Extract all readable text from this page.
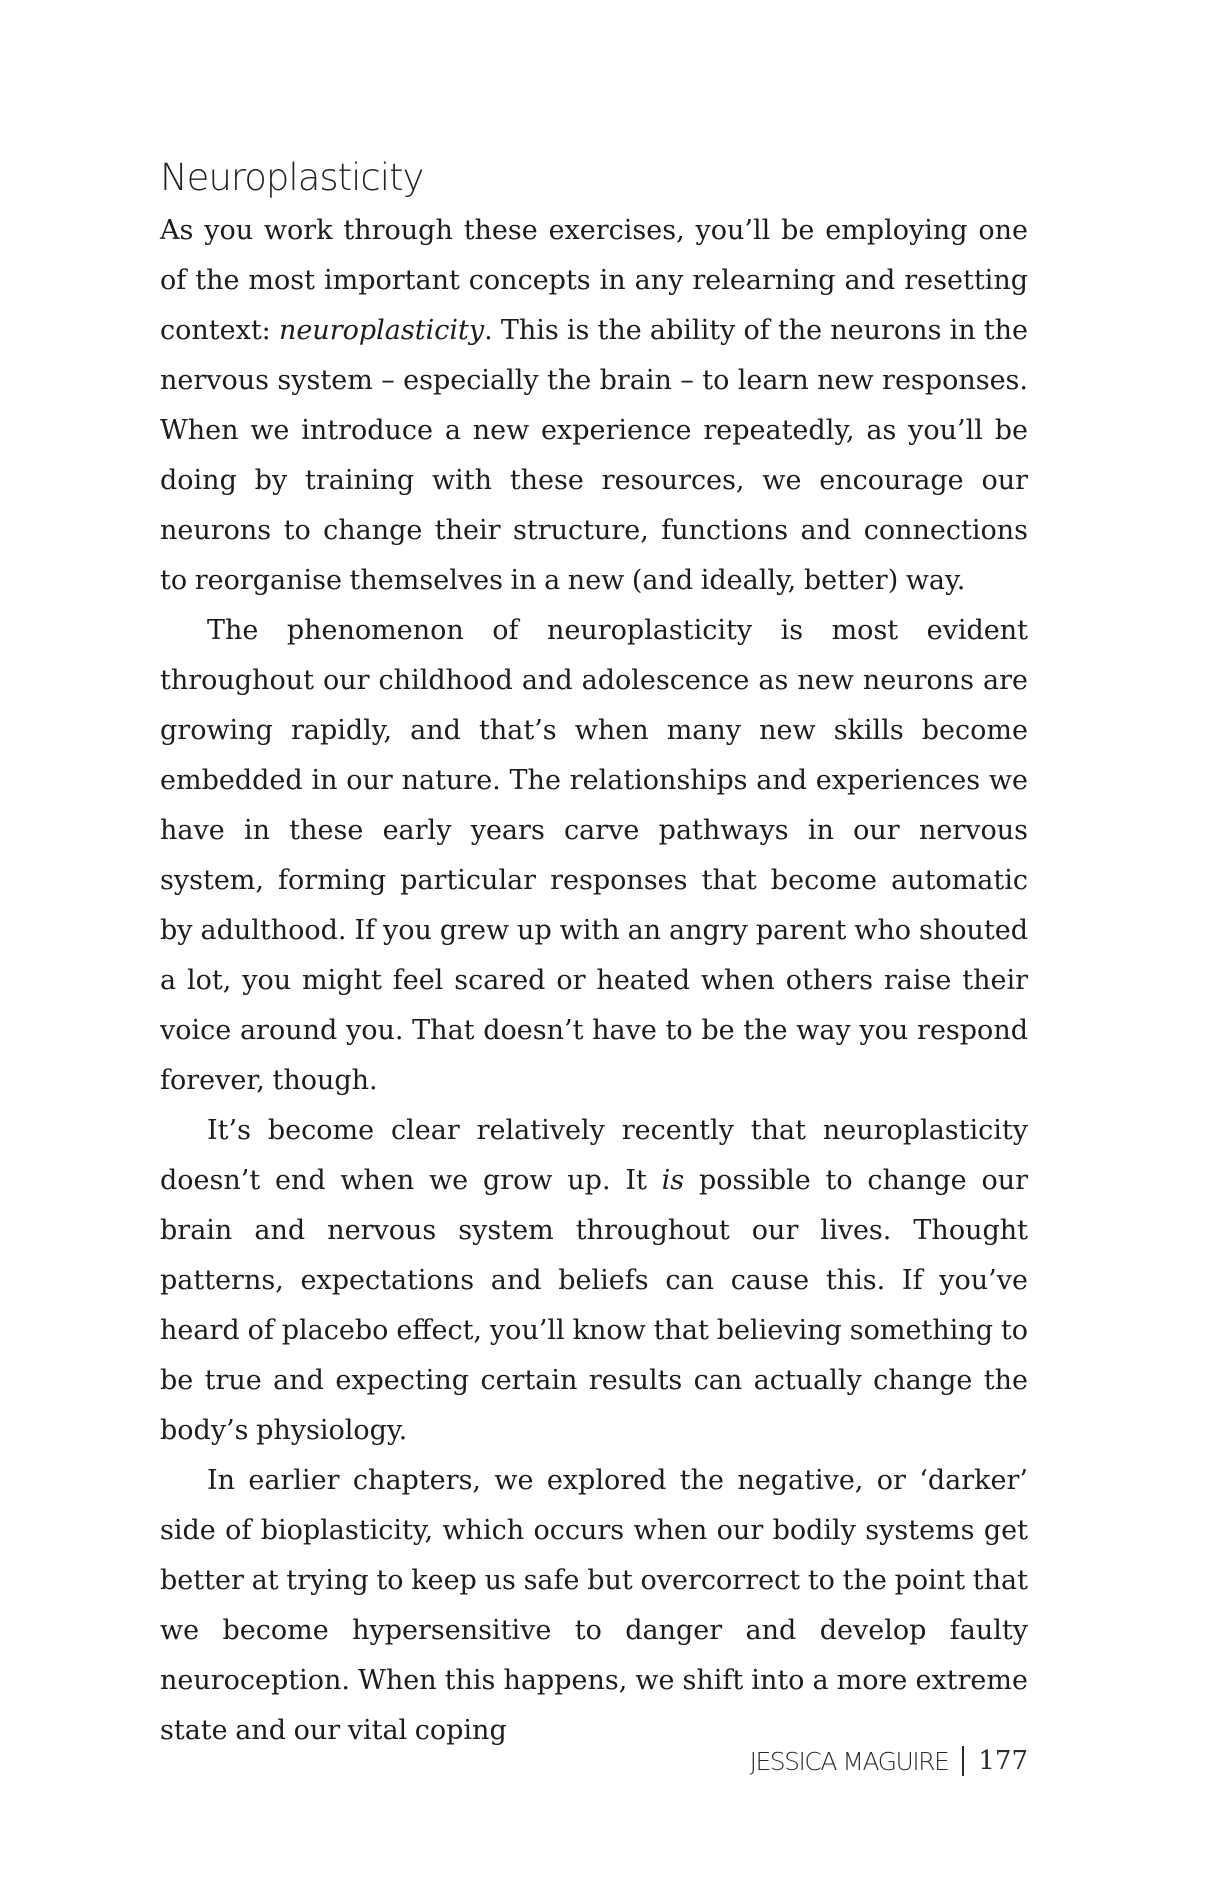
Neuroplasticity

As you work through these exercises, you’ll be employing one of the most important concepts in any relearning and resetting context: neuroplasticity. This is the ability of the neurons in the nervous system – especially the brain – to learn new responses. When we introduce a new experience repeatedly, as you’ll be doing by training with these resources, we encourage our neurons to change their structure, functions and connections to reorganise themselves in a new (and ideally, better) way.

The phenomenon of neuroplasticity is most evident throughout our childhood and adolescence as new neurons are growing rapidly, and that’s when many new skills become embedded in our nature. The relationships and experiences we have in these early years carve pathways in our nervous system, forming particular responses that become automatic by adulthood. If you grew up with an angry parent who shouted a lot, you might feel scared or heated when others raise their voice around you. That doesn’t have to be the way you respond forever, though.

It’s become clear relatively recently that neuroplasticity doesn’t end when we grow up. It is possible to change our brain and nervous system throughout our lives. Thought patterns, expectations and beliefs can cause this. If you’ve heard of placebo effect, you’ll know that believing something to be true and expecting certain results can actually change the body’s physiology.

In earlier chapters, we explored the negative, or ‘darker’ side of bioplasticity, which occurs when our bodily systems get better at trying to keep us safe but overcorrect to the point that we become hypersensitive to danger and develop faulty neuroception. When this happens, we shift into a more extreme state and our vital coping

JESSICA MAGUIRE 177
